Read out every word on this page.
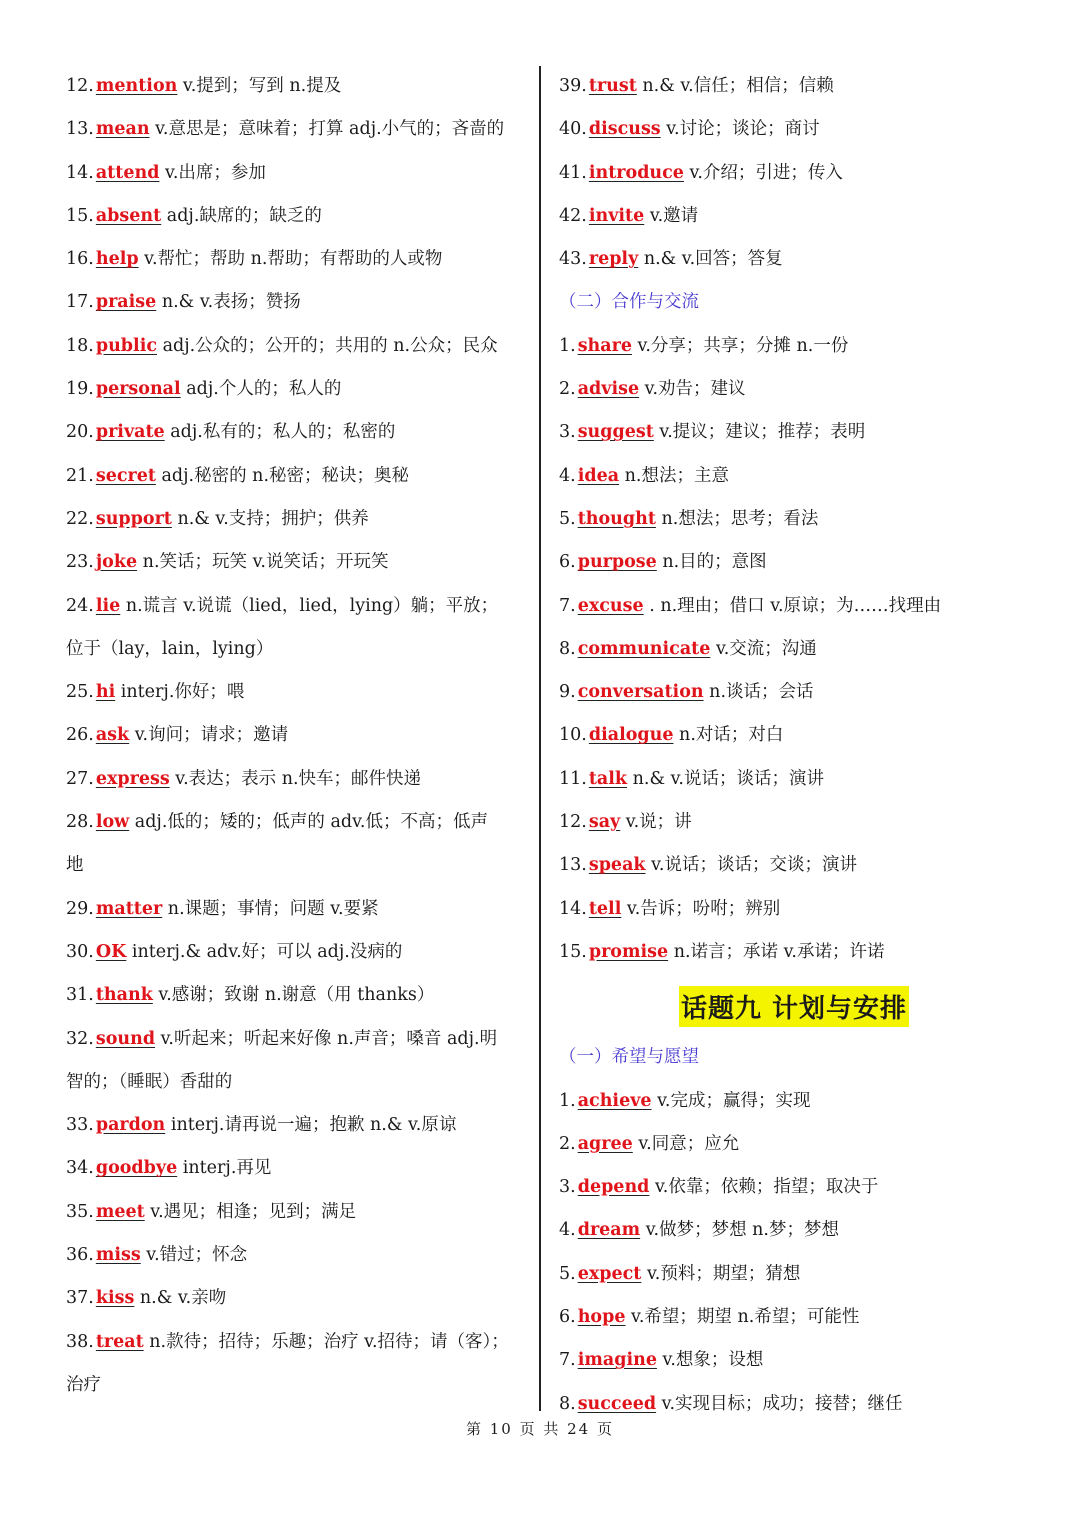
12. mention v.提到；写到 n.提及
13. mean v.意思是；意味着；打算 adj.小气的；吝啬的
14. attend v.出席；参加
15. absent adj.缺席的；缺乏的
16. help v.帮忙；帮助 n.帮助；有帮助的人或物
17. praise n.& v.表扬；赞扬
18. public adj.公众的；公开的；共用的 n.公众；民众
19. personal adj.个人的；私人的
20. private adj.私有的；私人的；私密的
21. secret adj.秘密的 n.秘密；秘诀；奥秘
22. support n.& v.支持；拥护；供养
23. joke n.笑话；玩笑 v.说笑话；开玩笑
24. lie n.谎言 v.说谎（lied，lied，lying）躺；平放；
位于（lay，lain，lying）
25. hi interj.你好；喂
26. ask v.询问；请求；邀请
27. express v.表达；表示 n.快车；邮件快递
28. low adj.低的；矮的；低声的 adv.低；不高；低声
地
29. matter n.课题；事情；问题 v.要紧
30. OK interj.& adv.好；可以 adj.没病的
31. thank v.感谢；致谢 n.谢意（用 thanks）
32. sound v.听起来；听起来好像 n.声音；嗓音 adj.明
智的；（睡眠）香甜的
33. pardon interj.请再说一遍；抱歉 n.& v.原谅
34. goodbye interj.再见
35. meet v.遇见；相逢；见到；满足
36. miss v.错过；怀念
37. kiss n.& v.亲吻
38. treat n.款待；招待；乐趣；治疗 v.招待；请（客）；
治疗
39. trust n.& v.信任；相信；信赖
40. discuss v.讨论；谈论；商讨
41. introduce v.介绍；引进；传入
42. invite v.邀请
43. reply n.& v.回答；答复
（二）合作与交流
1. share v.分享；共享；分摊 n.一份
2. advise v.劝告；建议
3. suggest v.提议；建议；推荐；表明
4. idea n.想法；主意
5. thought n.想法；思考；看法
6. purpose n.目的；意图
7. excuse . n.理由；借口 v.原谅；为……找理由
8. communicate v.交流；沟通
9. conversation n.谈话；会话
10. dialogue n.对话；对白
11. talk n.& v.说话；谈话；演讲
12. say v.说；讲
13. speak v.说话；谈话；交谈；演讲
14. tell v.告诉；吩咐；辨别
15. promise n.诺言；承诺 v.承诺；许诺
话题九 计划与安排
（一）希望与愿望
1. achieve v.完成；赢得；实现
2. agree v.同意；应允
3. depend v.依靠；依赖；指望；取决于
4. dream v.做梦；梦想 n.梦；梦想
5. expect v.预料；期望；猜想
6. hope v.希望；期望 n.希望；可能性
7. imagine v.想象；设想
8. succeed v.实现目标；成功；接替；继任
第 10 页 共 24 页
